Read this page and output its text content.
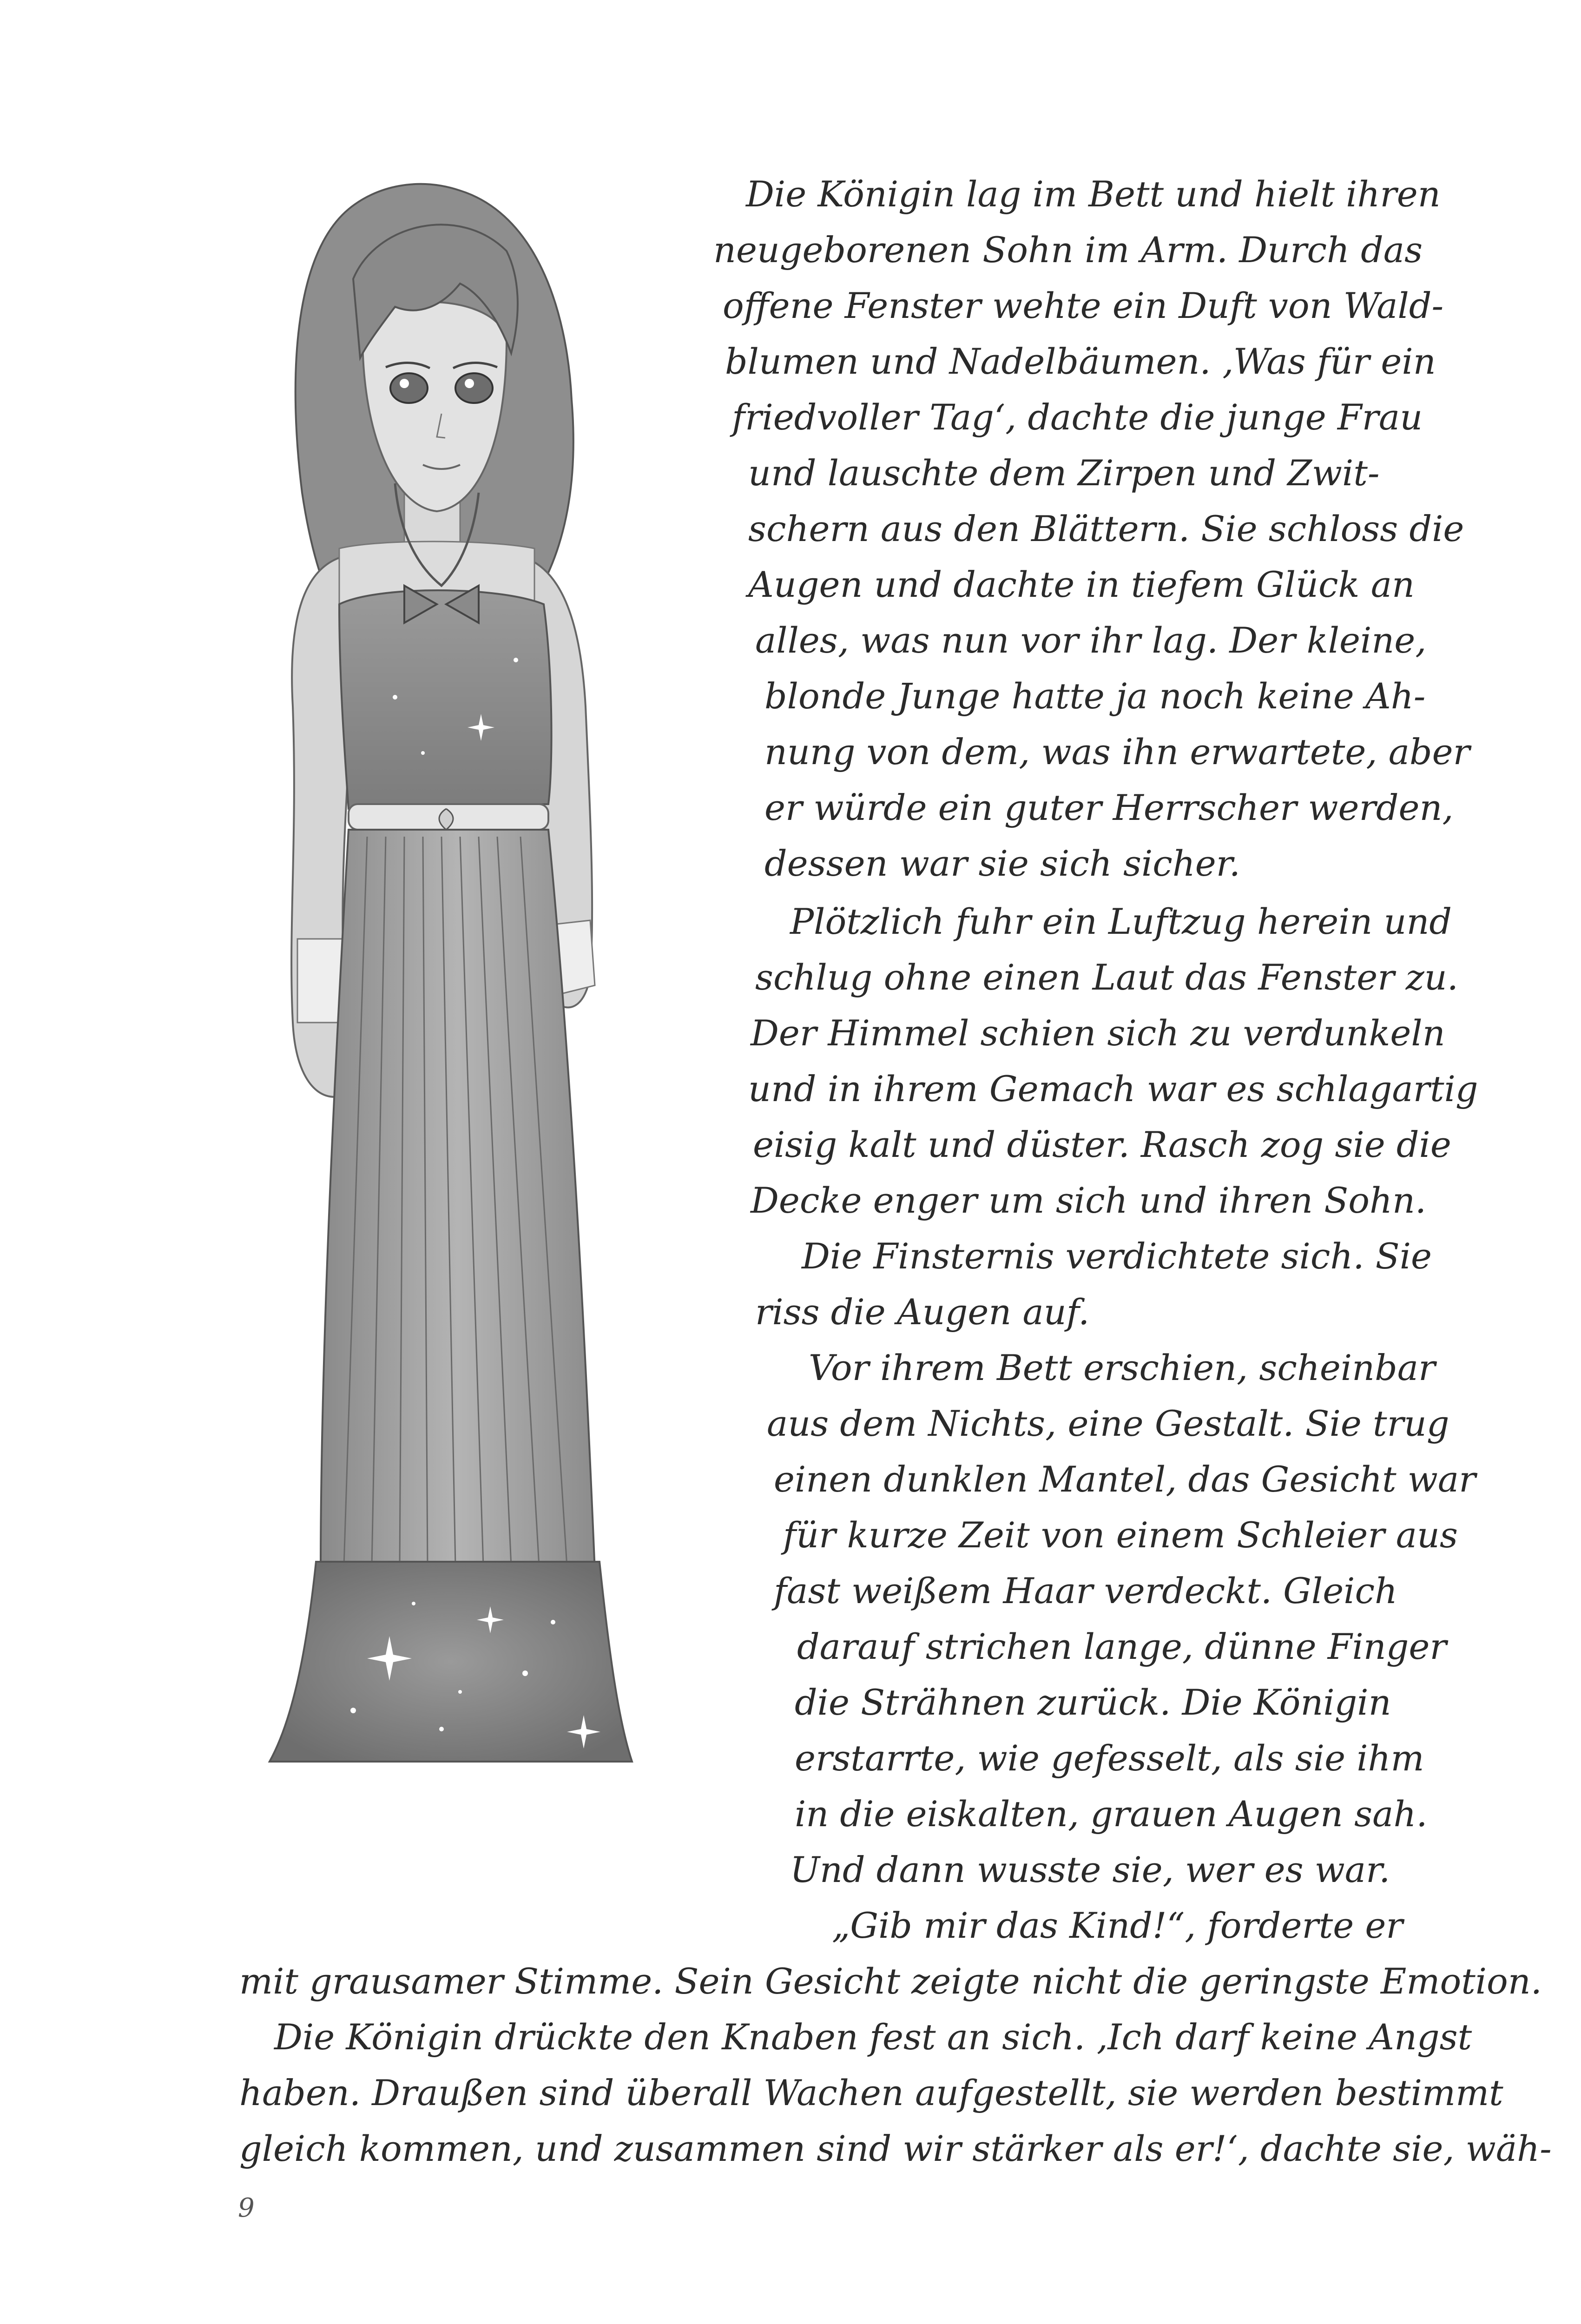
Die Königin lag im Bett und hielt ihren
neugeborenen Sohn im Arm. Durch das
offene Fenster wehte ein Duft von Wald-
blumen und Nadelbäumen. ‚Was für ein
friedvoller Tag‘, dachte die junge Frau
und lauschte dem Zirpen und Zwit-
schern aus den Blättern. Sie schloss die
Augen und dachte in tiefem Glück an
alles, was nun vor ihr lag. Der kleine,
blonde Junge hatte ja noch keine Ah-
nung von dem, was ihn erwartete, aber
er würde ein guter Herrscher werden,
dessen war sie sich sicher.
Plötzlich fuhr ein Luftzug herein und
schlug ohne einen Laut das Fenster zu.
Der Himmel schien sich zu verdunkeln
und in ihrem Gemach war es schlagartig
eisig kalt und düster. Rasch zog sie die
Decke enger um sich und ihren Sohn.
Die Finsternis verdichtete sich. Sie
riss die Augen auf.
Vor ihrem Bett erschien, scheinbar
aus dem Nichts, eine Gestalt. Sie trug
einen dunklen Mantel, das Gesicht war
für kurze Zeit von einem Schleier aus
fast weißem Haar verdeckt. Gleich
darauf strichen lange, dünne Finger
die Strähnen zurück. Die Königin
erstarrte, wie gefesselt, als sie ihm
in die eiskalten, grauen Augen sah.
Und dann wusste sie, wer es war.
„Gib mir das Kind!“, forderte er
mit grausamer Stimme. Sein Gesicht zeigte nicht die geringste Emotion.
Die Königin drückte den Knaben fest an sich. ‚Ich darf keine Angst
haben. Draußen sind überall Wachen aufgestellt, sie werden bestimmt
gleich kommen, und zusammen sind wir stärker als er!‘, dachte sie, wäh-
9
